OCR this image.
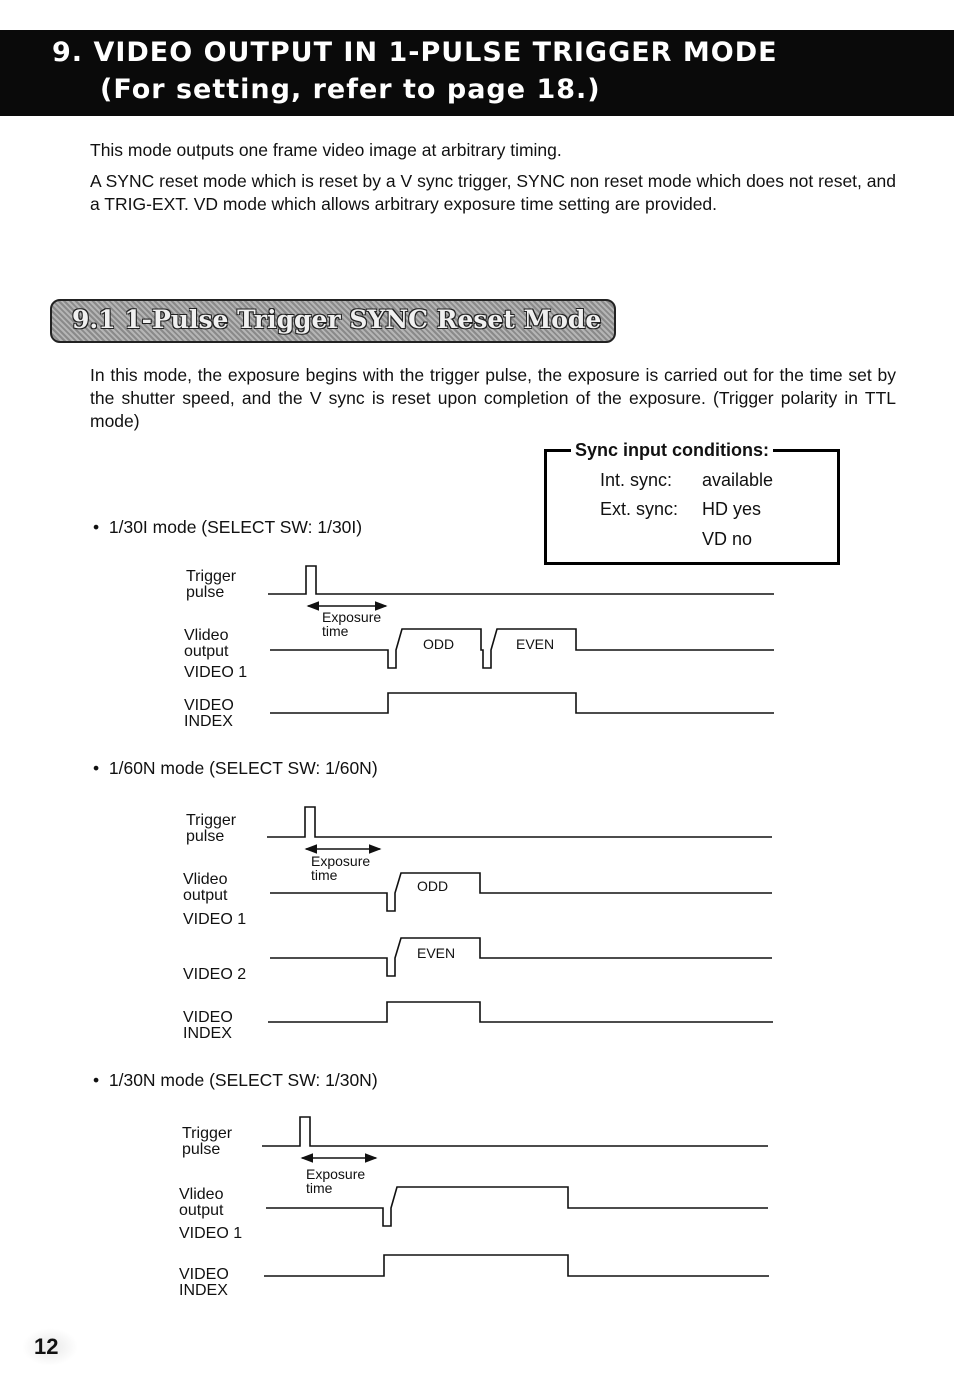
9. VIDEO OUTPUT IN 1-PULSE TRIGGER MODE
(For setting, refer to page 18.)
This mode outputs one frame video image at arbitrary timing.
A SYNC reset mode which is reset by a V sync trigger, SYNC non reset mode which does not reset, and a TRIG-EXT. VD mode which allows arbitrary exposure time setting are provided.
9.1 1-Pulse Trigger SYNC Reset Mode
In this mode, the exposure begins with the trigger pulse, the exposure is carried out for the time set by the shutter speed, and the V sync is reset upon completion of the exposure. (Trigger polarity in TTL mode)
Sync input conditions:
Int. sync: available
Ext. sync: HD yes
VD no
• 1/30I mode (SELECT SW: 1/30I)
• 1/60N mode (SELECT SW: 1/60N)
• 1/30N mode (SELECT SW: 1/30N)
Trigger pulse
Exposure time
Vlideo output
VIDEO 1
ODD	EVEN
VIDEO INDEX
Trigger pulse
Exposure time
Vlideo output
VIDEO 1
ODD
VIDEO 2
EVEN
VIDEO INDEX
Trigger pulse
Exposure time
Vlideo output
VIDEO 1
VIDEO INDEX
12
